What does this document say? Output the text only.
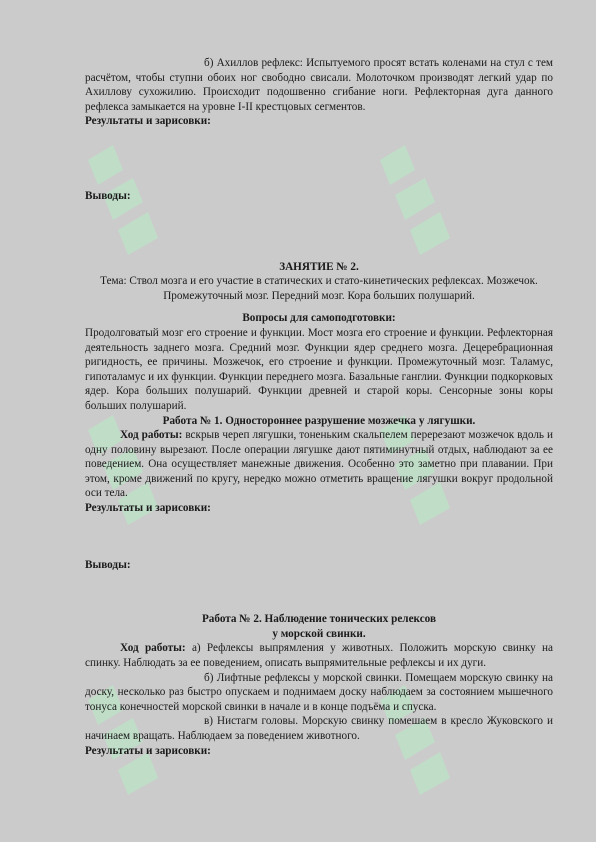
б) Ахиллов рефлекс: Испытуемого просят встать коленами на стул с тем расчётом, чтобы ступни обоих ног свободно свисали. Молоточком производят легкий удар по Ахиллову сухожилию. Происходит подошвенно сгибание ноги. Рефлекторная дуга данного рефлекса замыкается на уровне I-II крестцовых сегментов.

Результаты и зарисовки:

Выводы:

ЗАНЯТИЕ № 2.

Тема: Ствол мозга и его участие в статических и стато-кинетических рефлексах. Мозжечок. Промежуточный мозг. Передний мозг. Кора больших полушарий.

Вопросы для самоподготовки:

Продолговатый мозг его строение и функции. Мост мозга его строение и функции. Рефлекторная деятельность заднего мозга. Средний мозг. Функции ядер среднего мозга. Децеребрационная ригидность, ее причины. Мозжечок, его строение и функции. Промежуточный мозг. Таламус, гипоталамус и их функции. Функции переднего мозга. Базальные ганглии. Функции подкорковых ядер. Кора больших полушарий. Функции древней и старой коры. Сенсорные зоны коры больших полушарий.

Работа № 1. Одностороннее разрушение мозжечка у лягушки.

Ход работы: вскрыв череп лягушки, тоненьким скальпелем перерезают мозжечок вдоль и одну половину вырезают. После операции лягушке дают пятиминутный отдых, наблюдают за ее поведением. Она осуществляет манежные движения. Особенно это заметно при плавании. При этом, кроме движений по кругу, нередко можно отметить вращение лягушки вокруг продольной оси тела.

Результаты и зарисовки:

Выводы:

Работа № 2. Наблюдение тонических релексов

у морской свинки.

Ход работы: а) Рефлексы выпрямления у животных. Положить морскую свинку на спинку. Наблюдать за ее поведением, описать выпрямительные рефлексы и их дуги.

б) Лифтные рефлексы у морской свинки. Помещаем морскую свинку на доску, несколько раз быстро опускаем и поднимаем доску наблюдаем за состоянием мышечного тонуса конечностей морской свинки в начале и в конце подъёма и спуска.

в) Нистагм головы. Морскую свинку помешаем в кресло Жуковского и начинаем вращать. Наблюдаем за поведением животного.

Результаты и зарисовки:
